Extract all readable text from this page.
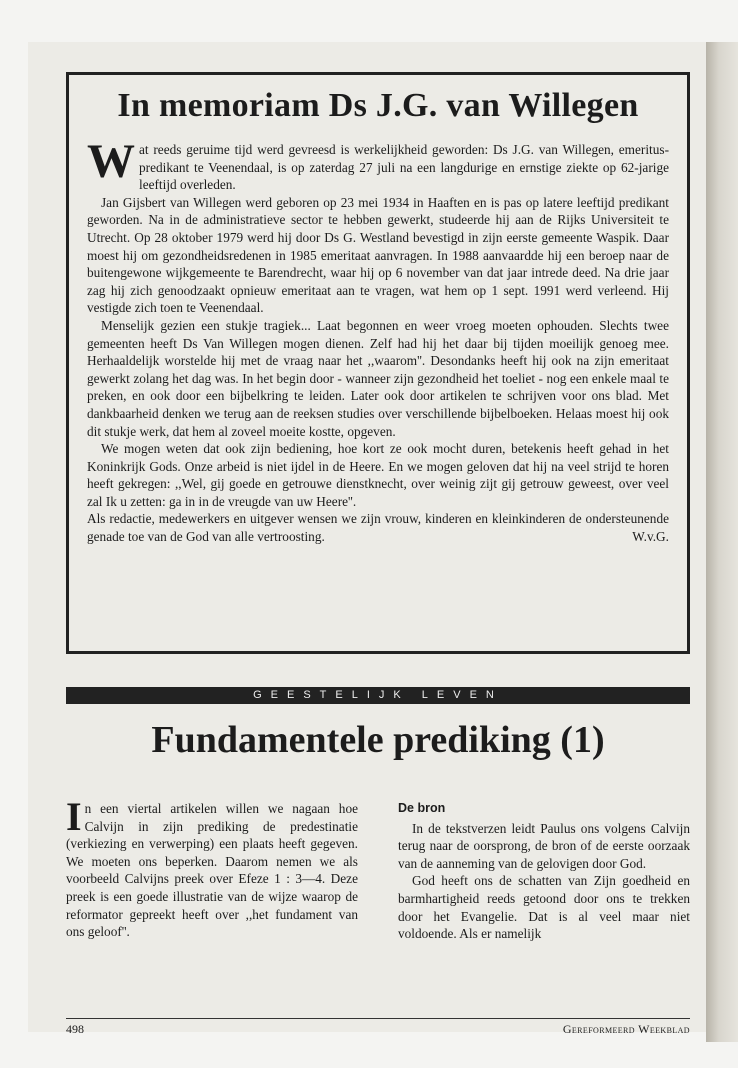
In memoriam Ds J.G. van Willegen

Wat reeds geruime tijd werd gevreesd is werkelijkheid geworden: Ds J.G. van Willegen, emeritus-predikant te Veenendaal, is op zaterdag 27 juli na een langdurige en ernstige ziekte op 62-jarige leeftijd overleden.

Jan Gijsbert van Willegen werd geboren op 23 mei 1934 in Haaften en is pas op latere leeftijd predikant geworden. Na in de administratieve sector te hebben gewerkt, studeerde hij aan de Rijks Universiteit te Utrecht. Op 28 oktober 1979 werd hij door Ds G. Westland bevestigd in zijn eerste gemeente Waspik. Daar moest hij om gezondheidsredenen in 1985 emeritaat aanvragen. In 1988 aanvaardde hij een beroep naar de buitengewone wijkgemeente te Barendrecht, waar hij op 6 november van dat jaar intrede deed. Na drie jaar zag hij zich genoodzaakt opnieuw emeritaat aan te vragen, wat hem op 1 sept. 1991 werd verleend. Hij vestigde zich toen te Veenendaal.

Menselijk gezien een stukje tragiek... Laat begonnen en weer vroeg moeten ophouden. Slechts twee gemeenten heeft Ds Van Willegen mogen dienen. Zelf had hij het daar bij tijden moeilijk genoeg mee. Herhaaldelijk worstelde hij met de vraag naar het ,,waarom''. Desondanks heeft hij ook na zijn emeritaat gewerkt zolang het dag was. In het begin door - wanneer zijn gezondheid het toeliet - nog een enkele maal te preken, en ook door een bijbelkring te leiden. Later ook door artikelen te schrijven voor ons blad. Met dankbaarheid denken we terug aan de reeksen studies over verschillende bijbelboeken. Helaas moest hij ook dit stukje werk, dat hem al zoveel moeite kostte, opgeven.

We mogen weten dat ook zijn bediening, hoe kort ze ook mocht duren, betekenis heeft gehad in het Koninkrijk Gods. Onze arbeid is niet ijdel in de Heere. En we mogen geloven dat hij na veel strijd te horen heeft gekregen: ,,Wel, gij goede en getrouwe dienstknecht, over weinig zijt gij getrouw geweest, over veel zal Ik u zetten: ga in in de vreugde van uw Heere''.

Als redactie, medewerkers en uitgever wensen we zijn vrouw, kinderen en kleinkinderen de ondersteunende genade toe van de God van alle vertroosting.	W.v.G.

GEESTELIJK LEVEN
Fundamentele prediking (1)

In een viertal artikelen willen we nagaan hoe Calvijn in zijn prediking de predestinatie (verkiezing en verwerping) een plaats heeft gegeven. We moeten ons beperken. Daarom nemen we als voorbeeld Calvijns preek over Efeze 1 : 3—4. Deze preek is een goede illustratie van de wijze waarop de reformator gepreekt heeft over ,,het fundament van ons geloof''.

De bron

In de tekstverzen leidt Paulus ons volgens Calvijn terug naar de oorsprong, de bron of de eerste oorzaak van de aanneming van de gelovigen door God.

God heeft ons de schatten van Zijn goedheid en barmhartigheid reeds getoond door ons te trekken door het Evangelie. Dat is al veel maar niet voldoende. Als er namelijk

498	Gereformeerd Weekblad
